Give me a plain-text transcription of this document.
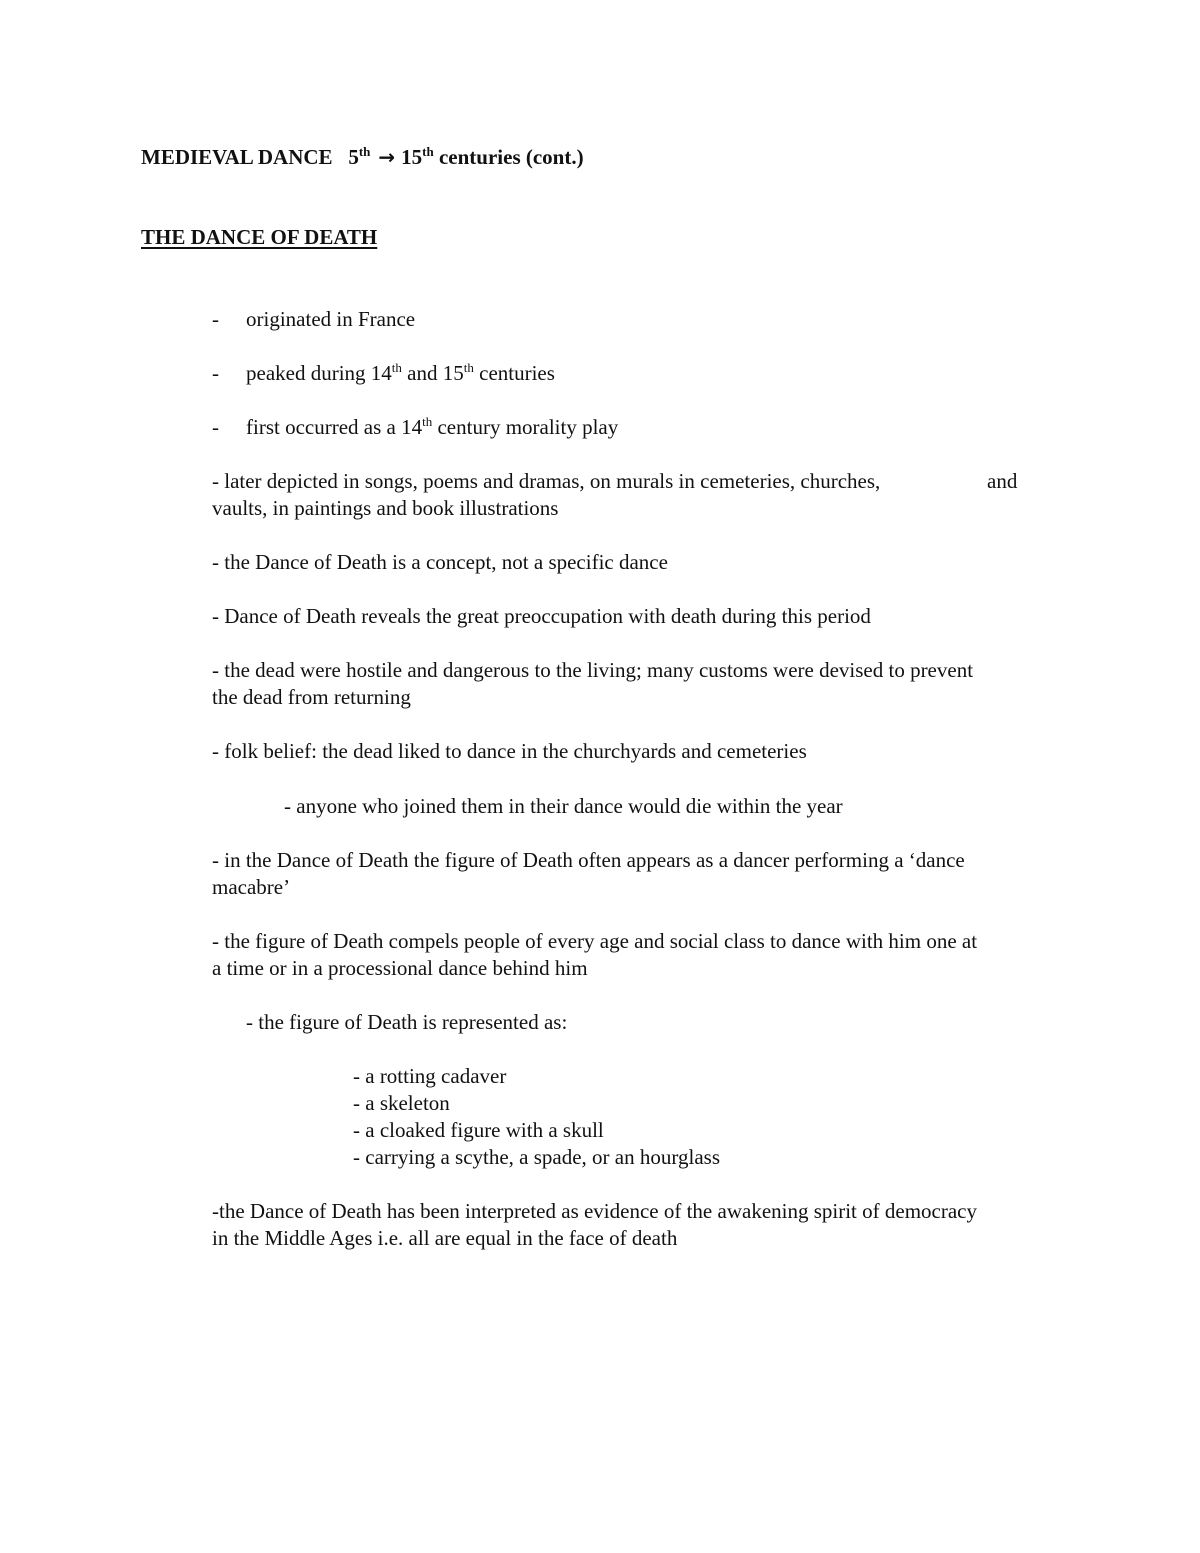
MEDIEVAL DANCE 5th → 15th centuries (cont.)
THE DANCE OF DEATH
- originated in France
- peaked during 14th and 15th centuries
- first occurred as a 14th century morality play
- later depicted in songs, poems and dramas, on murals in cemeteries, churches,	and
vaults, in paintings and book illustrations
- the Dance of Death is a concept, not a specific dance
- Dance of Death reveals the great preoccupation with death during this period
- the dead were hostile and dangerous to the living; many customs were devised to prevent
the dead from returning
- folk belief: the dead liked to dance in the churchyards and cemeteries
- anyone who joined them in their dance would die within the year
- in the Dance of Death the figure of Death often appears as a dancer performing a ‘dance
macabre’
- the figure of Death compels people of every age and social class to dance with him one at
a time or in a processional dance behind him
- the figure of Death is represented as:
- a rotting cadaver
- a skeleton
- a cloaked figure with a skull
- carrying a scythe, a spade, or an hourglass
-the Dance of Death has been interpreted as evidence of the awakening spirit of democracy
in the Middle Ages i.e. all are equal in the face of death
